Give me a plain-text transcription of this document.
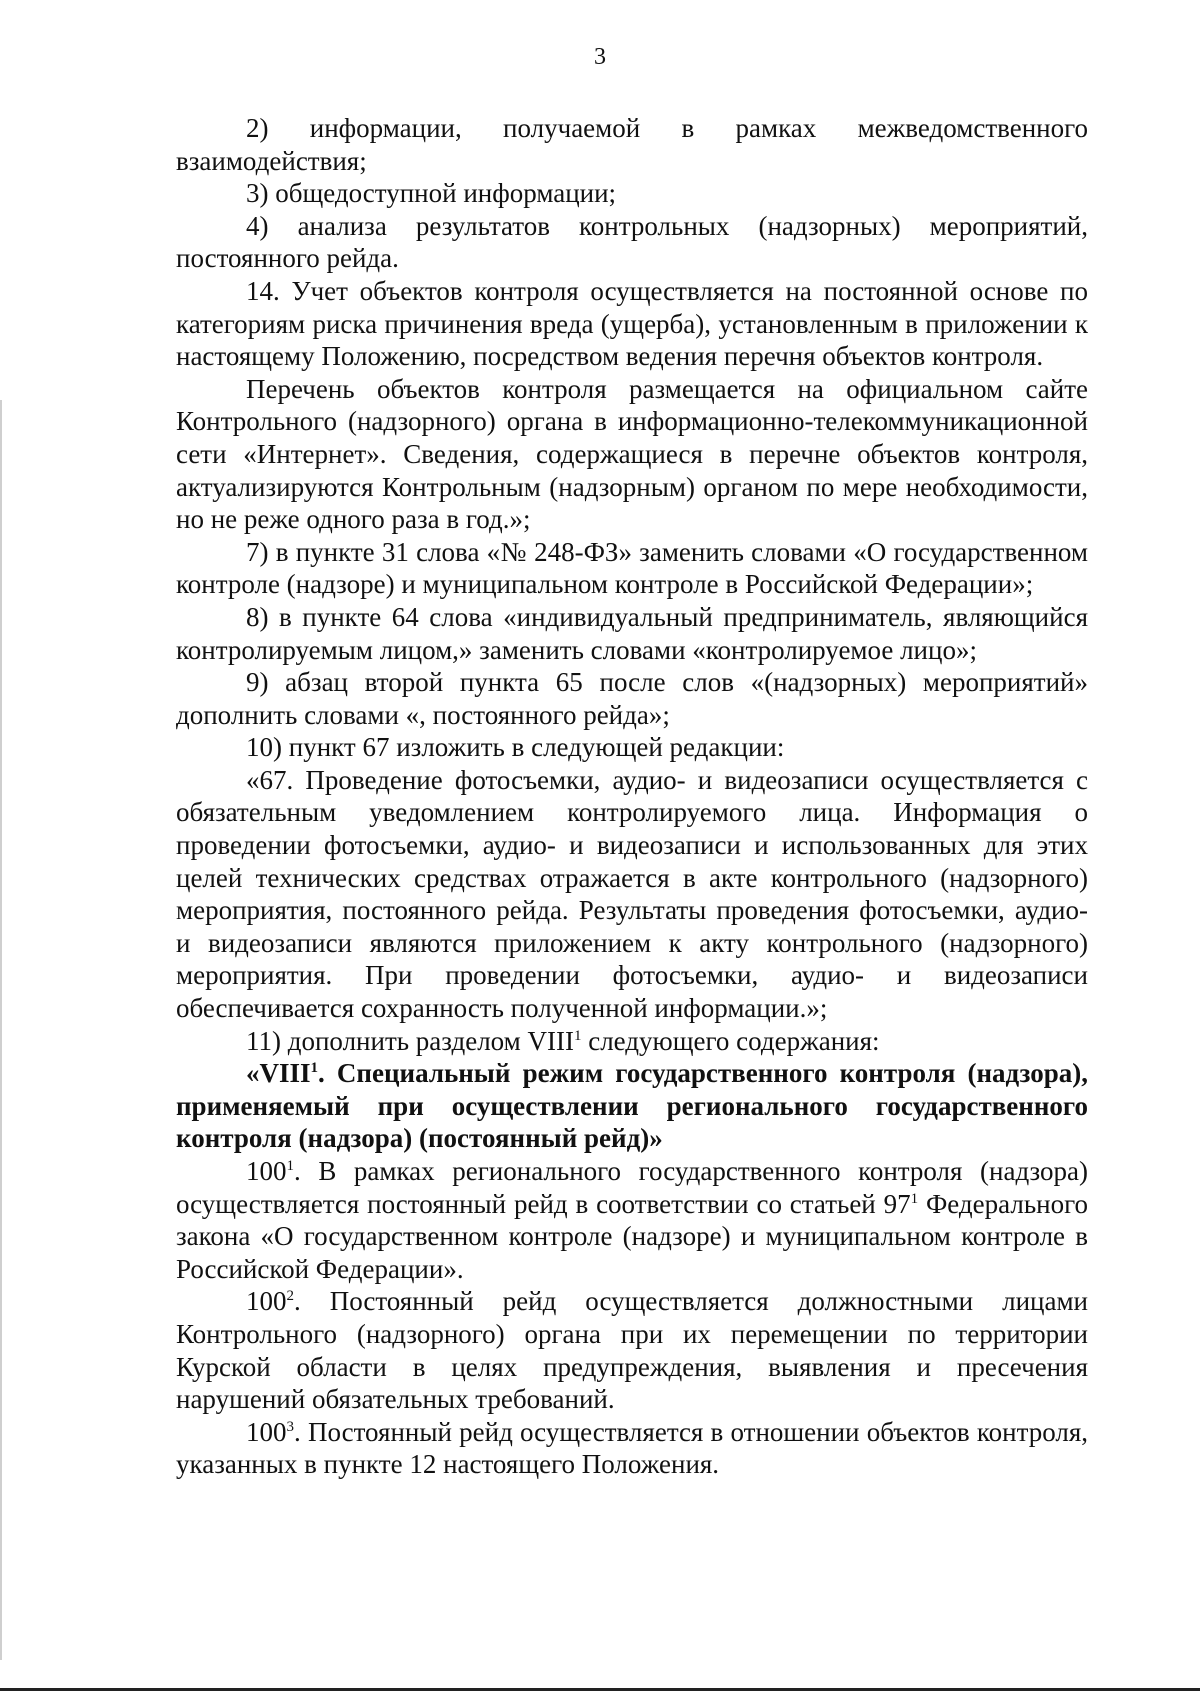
3

2) информации, получаемой в рамках межведомственного взаимодействия;

3) общедоступной информации;

4) анализа результатов контрольных (надзорных) мероприятий, постоянного рейда.

14. Учет объектов контроля осуществляется на постоянной основе по категориям риска причинения вреда (ущерба), установленным в приложении к настоящему Положению, посредством ведения перечня объектов контроля.

Перечень объектов контроля размещается на официальном сайте Контрольного (надзорного) органа в информационно-телекоммуникационной сети «Интернет». Сведения, содержащиеся в перечне объектов контроля, актуализируются Контрольным (надзорным) органом по мере необходимости, но не реже одного раза в год.»;

7) в пункте 31 слова «№ 248-ФЗ» заменить словами «О государственном контроле (надзоре) и муниципальном контроле в Российской Федерации»;

8) в пункте 64 слова «индивидуальный предприниматель, являющийся контролируемым лицом,» заменить словами «контролируемое лицо»;

9) абзац второй пункта 65 после слов «(надзорных) мероприятий» дополнить словами «, постоянного рейда»;

10) пункт 67 изложить в следующей редакции:

«67. Проведение фотосъемки, аудио- и видеозаписи осуществляется с обязательным уведомлением контролируемого лица. Информация о проведении фотосъемки, аудио- и видеозаписи и использованных для этих целей технических средствах отражается в акте контрольного (надзорного) мероприятия, постоянного рейда. Результаты проведения фотосъемки, аудио- и видеозаписи являются приложением к акту контрольного (надзорного) мероприятия. При проведении фотосъемки, аудио- и видеозаписи обеспечивается сохранность полученной информации.»;

11) дополнить разделом VIII$^1$ следующего содержания:

«VIII$^1$. Специальный режим государственного контроля (надзора), применяемый при осуществлении регионального государственного контроля (надзора) (постоянный рейд)»

$100^1$. В рамках регионального государственного контроля (надзора) осуществляется постоянный рейд в соответствии со статьей $97^1$ Федерального закона «О государственном контроле (надзоре) и муниципальном контроле в Российской Федерации».

$100^2$. Постоянный рейд осуществляется должностными лицами Контрольного (надзорного) органа при их перемещении по территории Курской области в целях предупреждения, выявления и пресечения нарушений обязательных требований.

$100^3$. Постоянный рейд осуществляется в отношении объектов контроля, указанных в пункте 12 настоящего Положения.
